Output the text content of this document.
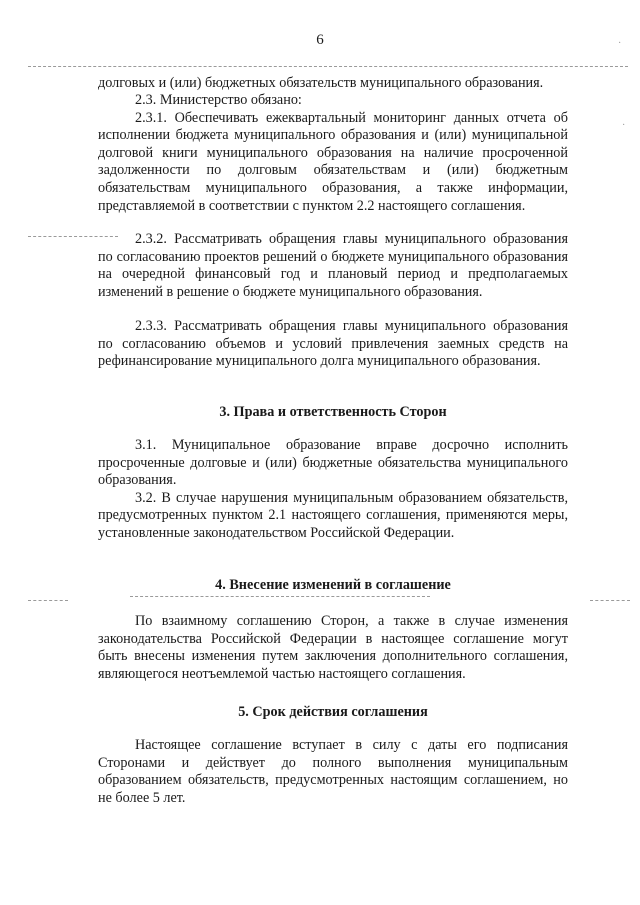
6

долговых и (или) бюджетных обязательств муниципального образования.

2.3. Министерство обязано:

2.3.1. Обеспечивать ежеквартальный мониторинг данных отчета об исполнении бюджета муниципального образования и (или) муниципальной долговой книги муниципального образования на наличие просроченной задолженности по долговым обязательствам и (или) бюджетным обязательствам муниципального образования, а также информации, представляемой в соответствии с пунктом 2.2 настоящего соглашения.

2.3.2. Рассматривать обращения главы муниципального образования по согласованию проектов решений о бюджете муниципального образования на очередной финансовый год и плановый период и предполагаемых изменений в решение о бюджете муниципального образования.

2.3.3. Рассматривать обращения главы муниципального образования по согласованию объемов и условий привлечения заемных средств на рефинансирование муниципального долга муниципального образования.

3. Права и ответственность Сторон

3.1. Муниципальное образование вправе досрочно исполнить просроченные долговые и (или) бюджетные обязательства муниципального образования.

3.2. В случае нарушения муниципальным образованием обязательств, предусмотренных пунктом 2.1 настоящего соглашения, применяются меры, установленные законодательством Российской Федерации.

4. Внесение изменений в соглашение

По взаимному соглашению Сторон, а также в случае изменения законодательства Российской Федерации в настоящее соглашение могут быть внесены изменения путем заключения дополнительного соглашения, являющегося неотъемлемой частью настоящего соглашения.

5. Срок действия соглашения

Настоящее соглашение вступает в силу с даты его подписания Сторонами и действует до полного выполнения муниципальным образованием обязательств, предусмотренных настоящим соглашением, но не более 5 лет.

·
·
